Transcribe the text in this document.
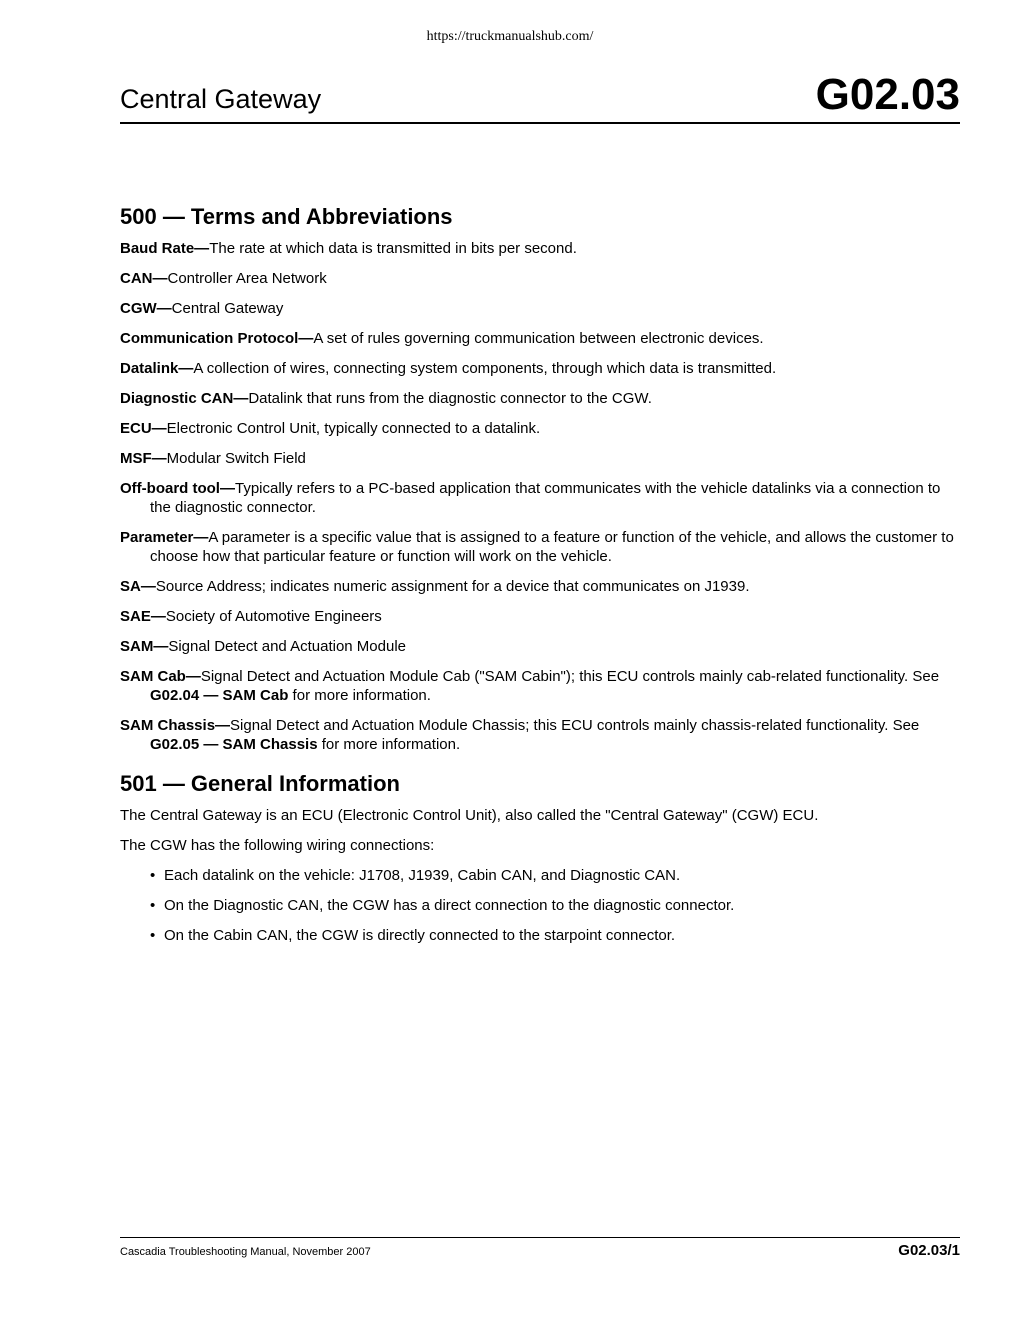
https://truckmanualshub.com/
Central Gateway	G02.03
500 — Terms and Abbreviations
Baud Rate—The rate at which data is transmitted in bits per second.
CAN—Controller Area Network
CGW—Central Gateway
Communication Protocol—A set of rules governing communication between electronic devices.
Datalink—A collection of wires, connecting system components, through which data is transmitted.
Diagnostic CAN—Datalink that runs from the diagnostic connector to the CGW.
ECU—Electronic Control Unit, typically connected to a datalink.
MSF—Modular Switch Field
Off-board tool—Typically refers to a PC-based application that communicates with the vehicle datalinks via a connection to the diagnostic connector.
Parameter—A parameter is a specific value that is assigned to a feature or function of the vehicle, and allows the customer to choose how that particular feature or function will work on the vehicle.
SA—Source Address; indicates numeric assignment for a device that communicates on J1939.
SAE—Society of Automotive Engineers
SAM—Signal Detect and Actuation Module
SAM Cab—Signal Detect and Actuation Module Cab ("SAM Cabin"); this ECU controls mainly cab-related functionality. See G02.04 — SAM Cab for more information.
SAM Chassis—Signal Detect and Actuation Module Chassis; this ECU controls mainly chassis-related functionality. See G02.05 — SAM Chassis for more information.
501 — General Information

The Central Gateway is an ECU (Electronic Control Unit), also called the "Central Gateway" (CGW) ECU.

The CGW has the following wiring connections:

• Each datalink on the vehicle: J1708, J1939, Cabin CAN, and Diagnostic CAN.
• On the Diagnostic CAN, the CGW has a direct connection to the diagnostic connector.
• On the Cabin CAN, the CGW is directly connected to the starpoint connector.
Cascadia Troubleshooting Manual, November 2007	G02.03/1
